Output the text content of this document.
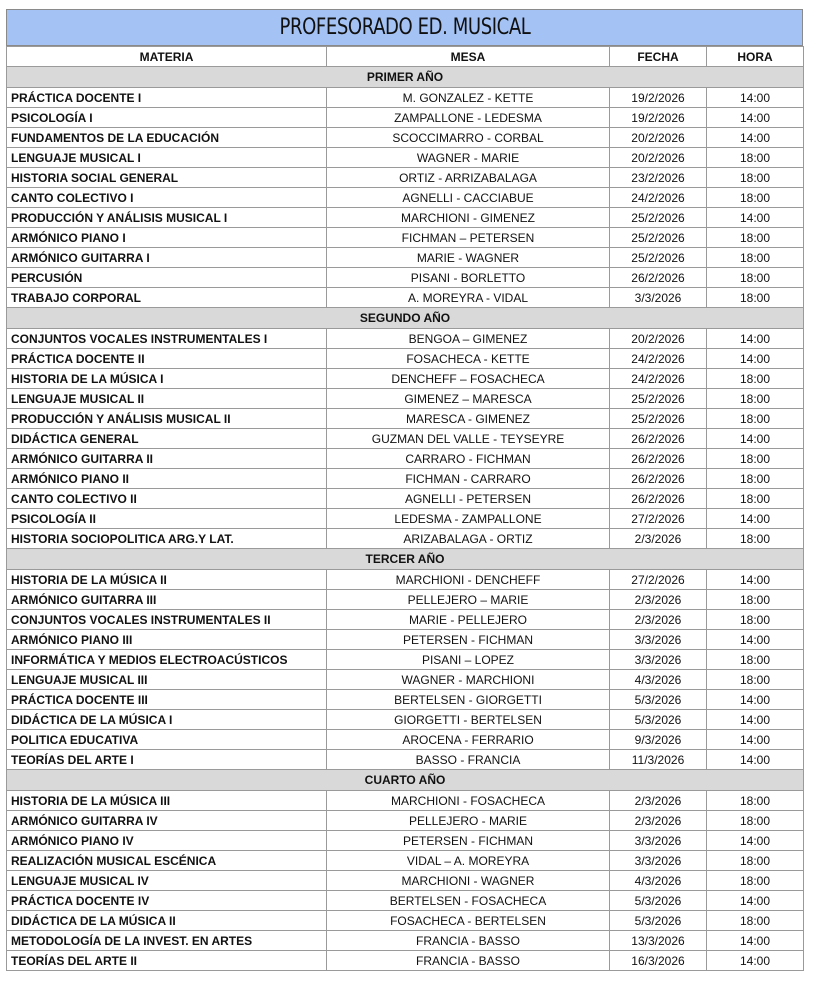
PROFESORADO ED. MUSICAL
MATERIA	MESA	FECHA	HORA
PRIMER AÑO			
PRÁCTICA DOCENTE I	M. GONZALEZ - KETTE	19/2/2026	14:00
PSICOLOGÍA I	ZAMPALLONE - LEDESMA	19/2/2026	14:00
FUNDAMENTOS DE LA EDUCACIÓN	SCOCCIMARRO - CORBAL	20/2/2026	14:00
LENGUAJE MUSICAL I	WAGNER - MARIE	20/2/2026	18:00
HISTORIA SOCIAL GENERAL	ORTIZ - ARRIZABALAGA	23/2/2026	18:00
CANTO COLECTIVO I	AGNELLI - CACCIABUE	24/2/2026	18:00
PRODUCCIÓN Y ANÁLISIS MUSICAL I	MARCHIONI - GIMENEZ	25/2/2026	14:00
ARMÓNICO PIANO I	FICHMAN – PETERSEN	25/2/2026	18:00
ARMÓNICO GUITARRA I	MARIE - WAGNER	25/2/2026	18:00
PERCUSIÓN	PISANI - BORLETTO	26/2/2026	18:00
TRABAJO CORPORAL	A. MOREYRA - VIDAL	3/3/2026	18:00
SEGUNDO AÑO			
CONJUNTOS VOCALES INSTRUMENTALES I	BENGOA – GIMENEZ	20/2/2026	14:00
PRÁCTICA DOCENTE II	FOSACHECA - KETTE	24/2/2026	14:00
HISTORIA DE LA MÚSICA I	DENCHEFF – FOSACHECA	24/2/2026	18:00
LENGUAJE MUSICAL II	GIMENEZ – MARESCA	25/2/2026	18:00
PRODUCCIÓN Y ANÁLISIS MUSICAL II	MARESCA - GIMENEZ	25/2/2026	18:00
DIDÁCTICA GENERAL	GUZMAN DEL VALLE - TEYSEYRE	26/2/2026	14:00
ARMÓNICO GUITARRA II	CARRARO - FICHMAN	26/2/2026	18:00
ARMÓNICO PIANO II	FICHMAN - CARRARO	26/2/2026	18:00
CANTO COLECTIVO II	AGNELLI - PETERSEN	26/2/2026	18:00
PSICOLOGÍA II	LEDESMA - ZAMPALLONE	27/2/2026	14:00
HISTORIA SOCIOPOLITICA ARG.Y LAT.	ARIZABALAGA - ORTIZ	2/3/2026	18:00
TERCER AÑO			
HISTORIA DE LA MÚSICA II	MARCHIONI - DENCHEFF	27/2/2026	14:00
ARMÓNICO GUITARRA III	PELLEJERO – MARIE	2/3/2026	18:00
CONJUNTOS VOCALES INSTRUMENTALES II	MARIE - PELLEJERO	2/3/2026	18:00
ARMÓNICO PIANO III	PETERSEN - FICHMAN	3/3/2026	14:00
INFORMÁTICA Y MEDIOS ELECTROACÚSTICOS	PISANI – LOPEZ	3/3/2026	18:00
LENGUAJE MUSICAL III	WAGNER - MARCHIONI	4/3/2026	18:00
PRÁCTICA DOCENTE III	BERTELSEN - GIORGETTI	5/3/2026	14:00
DIDÁCTICA DE LA MÚSICA I	GIORGETTI - BERTELSEN	5/3/2026	14:00
POLITICA EDUCATIVA	AROCENA - FERRARIO	9/3/2026	14:00
TEORÍAS DEL ARTE I	BASSO - FRANCIA	11/3/2026	14:00
CUARTO AÑO			
HISTORIA DE LA MÚSICA III	MARCHIONI - FOSACHECA	2/3/2026	18:00
ARMÓNICO GUITARRA IV	PELLEJERO - MARIE	2/3/2026	18:00
ARMÓNICO PIANO IV	PETERSEN - FICHMAN	3/3/2026	14:00
REALIZACIÓN MUSICAL ESCÉNICA	VIDAL – A. MOREYRA	3/3/2026	18:00
LENGUAJE MUSICAL IV	MARCHIONI - WAGNER	4/3/2026	18:00
PRÁCTICA DOCENTE IV	BERTELSEN - FOSACHECA	5/3/2026	14:00
DIDÁCTICA DE LA MÚSICA II	FOSACHECA - BERTELSEN	5/3/2026	18:00
METODOLOGÍA DE LA INVEST. EN ARTES	FRANCIA - BASSO	13/3/2026	14:00
TEORÍAS DEL ARTE II	FRANCIA - BASSO	16/3/2026	14:00
